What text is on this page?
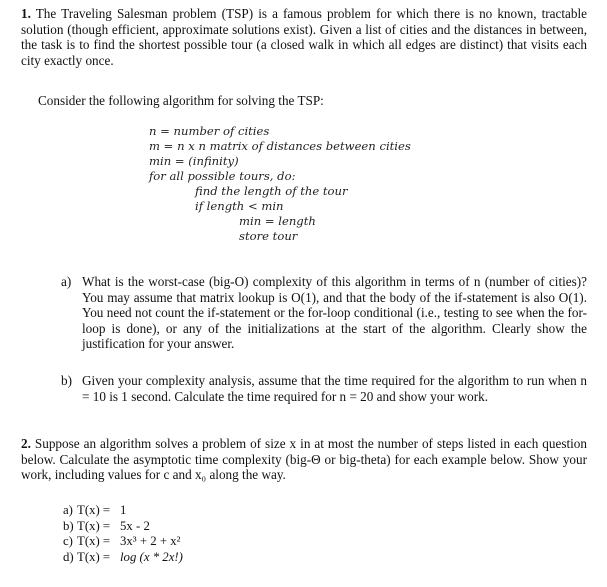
1. The Traveling Salesman problem (TSP) is a famous problem for which there is no known, tractable solution (though efficient, approximate solutions exist). Given a list of cities and the distances in between, the task is to find the shortest possible tour (a closed walk in which all edges are distinct) that visits each city exactly once.

Consider the following algorithm for solving the TSP:

n = number of cities
m = n x n matrix of distances between cities
min = (infinity)
for all possible tours, do:
find the length of the tour
if length < min
min = length
store tour
a) What is the worst-case (big-O) complexity of this algorithm in terms of n (number of cities)? You may assume that matrix lookup is O(1), and that the body of the if-statement is also O(1). You need not count the if-statement or the for-loop conditional (i.e., testing to see when the for-loop is done), or any of the initializations at the start of the algorithm. Clearly show the justification for your answer.
b) Given your complexity analysis, assume that the time required for the algorithm to run when n = 10 is 1 second. Calculate the time required for n = 20 and show your work.

2. Suppose an algorithm solves a problem of size x in at most the number of steps listed in each question below. Calculate the asymptotic time complexity (big-Θ or big-theta) for each example below. Show your work, including values for c and x₀ along the way.

a) T(x) = 1
b) T(x) = 5x - 2
c) T(x) = 3x³ + 2 + x²
d) T(x) = log (x * 2x!)
